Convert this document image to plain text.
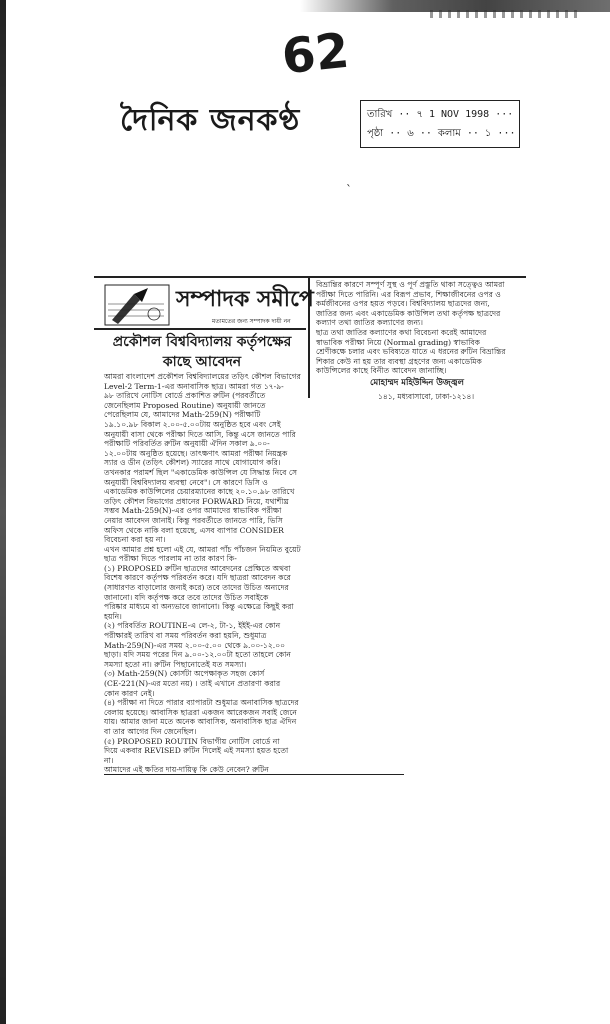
62
দৈনিক জনকণ্ঠ	তারিখ ·· ৭ 1 NOV 1998 ···
পৃষ্ঠা ·· ৬ ·· কলাম ·· ১ ···
ˋ
সম্পাদক সমীপে
মতামতের জন্য সম্পাদক দায়ী নন
প্রকৌশল বিশ্ববিদ্যালয় কর্তৃপক্ষের
কাছে আবেদন
আমরা বাংলাদেশ প্রকৌশল বিশ্ববিদ্যালয়ের তড়িৎ কৌশল বিভাগের
Level-2 Term-1-এর অনাবাসিক ছাত্র। আমরা গত ১৭-৯-
৯৮ তারিখে নোটিস বোর্ডে প্রকাশিত রুটিন (পরবর্তীতে
জেনেছিলাম Proposed Routine) অনুযায়ী জানতে
পেরেছিলাম যে, আমাদের Math-259(N) পরীক্ষাটি
১৯.১০.৯৮ বিকাল ২.০০-৫.০০টায় অনুষ্ঠিত হবে এবং সেই
অনুযায়ী বাসা থেকে পরীক্ষা দিতে আসি, কিন্তু এসে জানতে পারি
পরীক্ষাটি পরিবর্তিত রুটিন অনুযায়ী ঐদিন সকাল ৯.০০-
১২.০০টায় অনুষ্ঠিত হয়েছে। তাৎক্ষণাৎ আমরা পরীক্ষা নিয়ন্ত্রক
স্যার ও ডীন (তড়িৎ কৌশল) স্যারের সাথে যোগাযোগ করি।
তখনকার পরামর্শ ছিল "একাডেমিক কাউন্সিল যে সিদ্ধান্ত নিবে সে
অনুযায়ী বিশ্ববিদ্যালয় ব্যবস্থা নেবে"। সে কারণে ডিসি ও
একাডেমিক কাউন্সিলের চেয়ারম্যানের কাছে ২০.১০.৯৮ তারিখে
তড়িৎ কৌশল বিভাগের প্রধানের FORWARD নিয়ে, যথাশীঘ্র
সম্ভব Math-259(N)-এর ওপর আমাদের স্বাভাবিক পরীক্ষা
নেয়ার আবেদন জানাই। কিন্তু পরবর্তীতে জানতে পারি, ভিসি
অফিস থেকে নাকি বলা হয়েছে, এসব ব্যাপার CONSIDER
বিবেচনা করা হয় না।
এখন আমার প্রশ্ন হলো এই যে, আমরা পাঁচ পাঁচজন নিয়মিত বুয়েট
ছাত্র পরীক্ষা দিতে পারলাম না তার কারণ কি-
(১) PROPOSED রুটিন ছাত্রদের আবেদনের প্রেক্ষিতে অথবা
বিশেষ কারণে কর্তৃপক্ষ পরিবর্তন করে। যদি ছাত্ররা আবেদন করে
(সাধারণত বাড়ালোর জন্যই করে) তবে তাদের উচিত অন্যদের
জানানো। যদি কর্তৃপক্ষ করে তবে তাদের উচিত সবাইকে
পরিষ্কার মাধ্যমে বা অন্যভাবে জানানো। কিন্তু এক্ষেত্রে কিছুই করা
হয়নি।
(২) পরিবর্তিত ROUTINE-এ লে-২, টা-১, ইইই-এর কোন
পরীক্ষারই তারিখ বা সময় পরিবর্তন করা হয়নি, শুধুমাত্র
Math-259(N)-এর সময় ২.০০-৫.০০ থেকে ৯.০০-১২.০০
ছাড়া। যদি সময় পরের দিন ৯.০০-১২.০০টা হতো তাহলে কোন
সমস্যা হতো না। রুটিন পিছানোতেই যত সমস্যা।
(৩) Math-259(N) কোর্সটা অপেক্ষাকৃত সহজ কোর্স
(CE-221(N)-এর মতো নয়) । তাই এখানে প্রতারণা করার
কোন কারণ নেই।
(৪) পরীক্ষা না দিতে পারার ব্যাপারটা শুধুমাত্র অনাবাসিক ছাত্রদের
বেলায় হয়েছে। আবাসিক ছাত্ররা একজন আরেকজন সবাই জেনে
যায়। আমার জানা মতে অনেক আবাসিক, অনাবাসিক ছাত্র ঐদিন
বা তার আগের দিন জেনেছিল।
(৫) PROPOSED ROUTIN বিভাগীয় নোটিস বোর্ডে না
দিয়ে একবার REVISED রুটিন দিলেই এই সমস্যা হয়ত হতো
না।
আমাদের এই ক্ষতির দায়-দায়িত্ব কি কেউ নেবেন? রুটিন
বিভ্রান্তির কারণে সম্পূর্ণ সুস্থ ও পূর্ণ প্রস্তুতি থাকা সত্ত্বেও আমরা
পরীক্ষা দিতে পারিনি। এর বিরূপ প্রভাব, শিক্ষাজীবনের ওপর ও
কর্মজীবনের ওপর হয়ত পড়বে। বিশ্ববিদ্যালয় ছাত্রদের জন্য,
জাতির জন্য এবং একাডেমিক কাউন্সিল তথা কর্তৃপক্ষ ছাত্রদের
কল্যাণ তথা জাতির কল্যাণের জন্য।
ছাত্র তথা জাতির কল্যাণের কথা বিবেচনা করেই আমাদের
স্বাভাবিক পরীক্ষা নিয়ে (Normal grading) স্বাভাবিক
শ্রেণীকক্ষে চলার এবং ভবিষ্যতে যাতে এ ধরনের রুটিন বিভ্রান্তির
শিকার কেউ না হয় তার ব্যবস্থা গ্রহণের জন্য একাডেমিক
কাউন্সিলের কাছে বিনীত আবেদন জানাচ্ছি।
মোহাম্মদ মহিউদ্দিন উজ্জ্বল
১৪১, মধ্যবাসাবো, ঢাকা-১২১৪।
